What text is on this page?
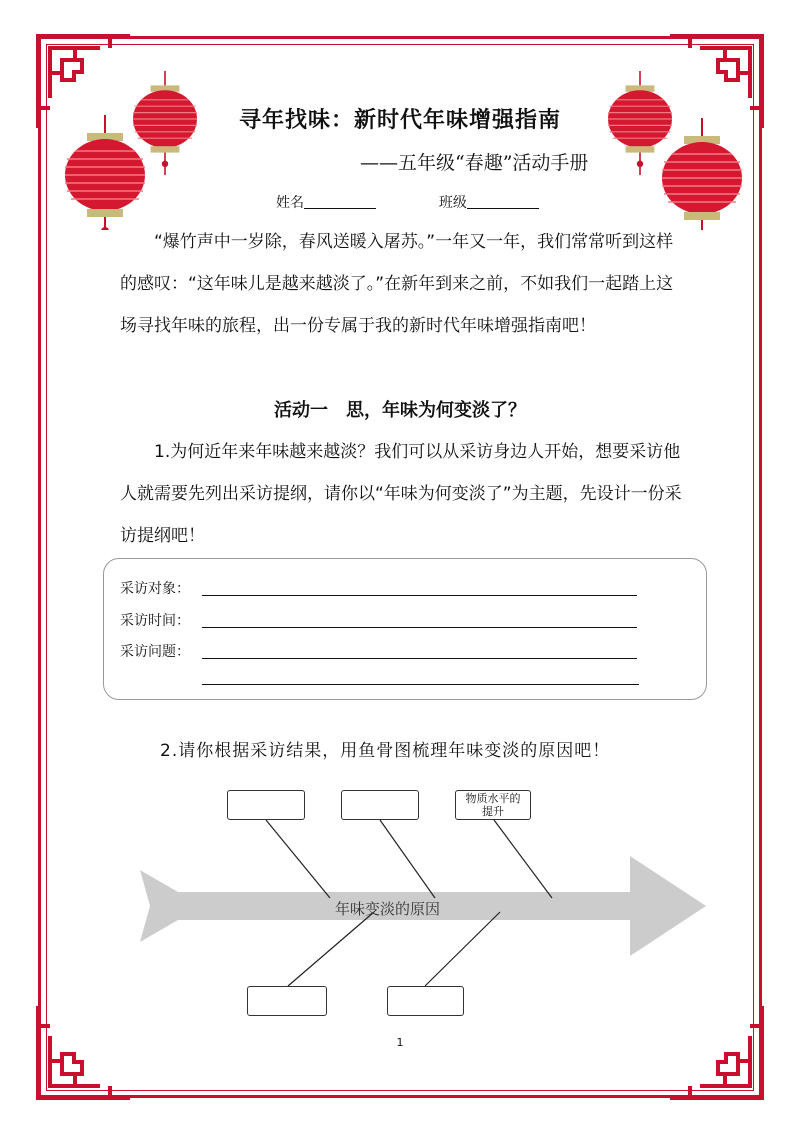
寻年找味：新时代年味增强指南
——五年级“春趣”活动手册
姓名	班级

“爆竹声中一岁除，春风送暖入屠苏。”一年又一年，我们常常听到这样的感叹：“这年味儿是越来越淡了。”在新年到来之前，不如我们一起踏上这场寻找年味的旅程，出一份专属于我的新时代年味增强指南吧！

活动一　思，年味为何变淡了？

1.为何近年来年味越来越淡？我们可以从采访身边人开始，想要采访他人就需要先列出采访提纲，请你以“年味为何变淡了”为主题，先设计一份采访提纲吧！

采访对象：
采访时间：
采访问题：
2.请你根据采访结果，用鱼骨图梳理年味变淡的原因吧！
年味变淡的原因
物质水平的提升
1
